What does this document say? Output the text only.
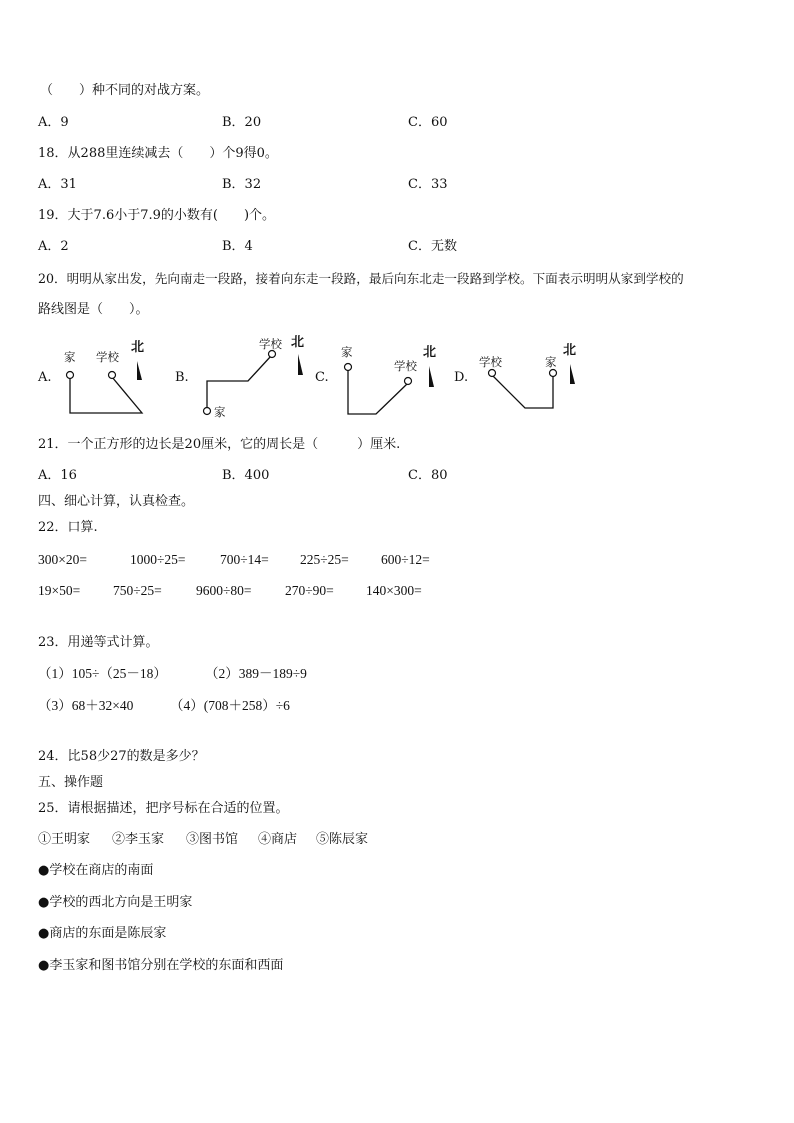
（　　）种不同的对战方案。
A．9	B．20	C．60
18．从288里连续减去（　　）个9得0。
A．31	B．32	C．33
19．大于7.6小于7.9的小数有(　　)个。
A．2	B．4	C．无数
20．明明从家出发，先向南走一段路，接着向东走一段路，最后向东北走一段路到学校。下面表示明明从家到学校的
路线图是（　　）。
A.
家 学校
北
B.
学校 北
家
C.
家
学校
北
D.
学校	家
北
21．一个正方形的边长是20厘米，它的周长是（　　　）厘米.
A．16	B．400	C．80
四、细心计算，认真检查。
22．口算.
300×20=	1000÷25=	700÷14= 225÷25= 600÷12=
19×50= 750÷25=	9600÷80= 270÷90= 140×300=
23．用递等式计算。
（1）105÷（25－18）	（2）389－189÷9
（3）68＋32×40	（4）(708＋258）÷6
24．比58少27的数是多少？
五、操作题
25．请根据描述，把序号标在合适的位置。
①王明家 ②李玉家 ③图书馆 ④商店 ⑤陈辰家
●学校在商店的南面
●学校的西北方向是王明家
●商店的东面是陈辰家
●李玉家和图书馆分别在学校的东面和西面
